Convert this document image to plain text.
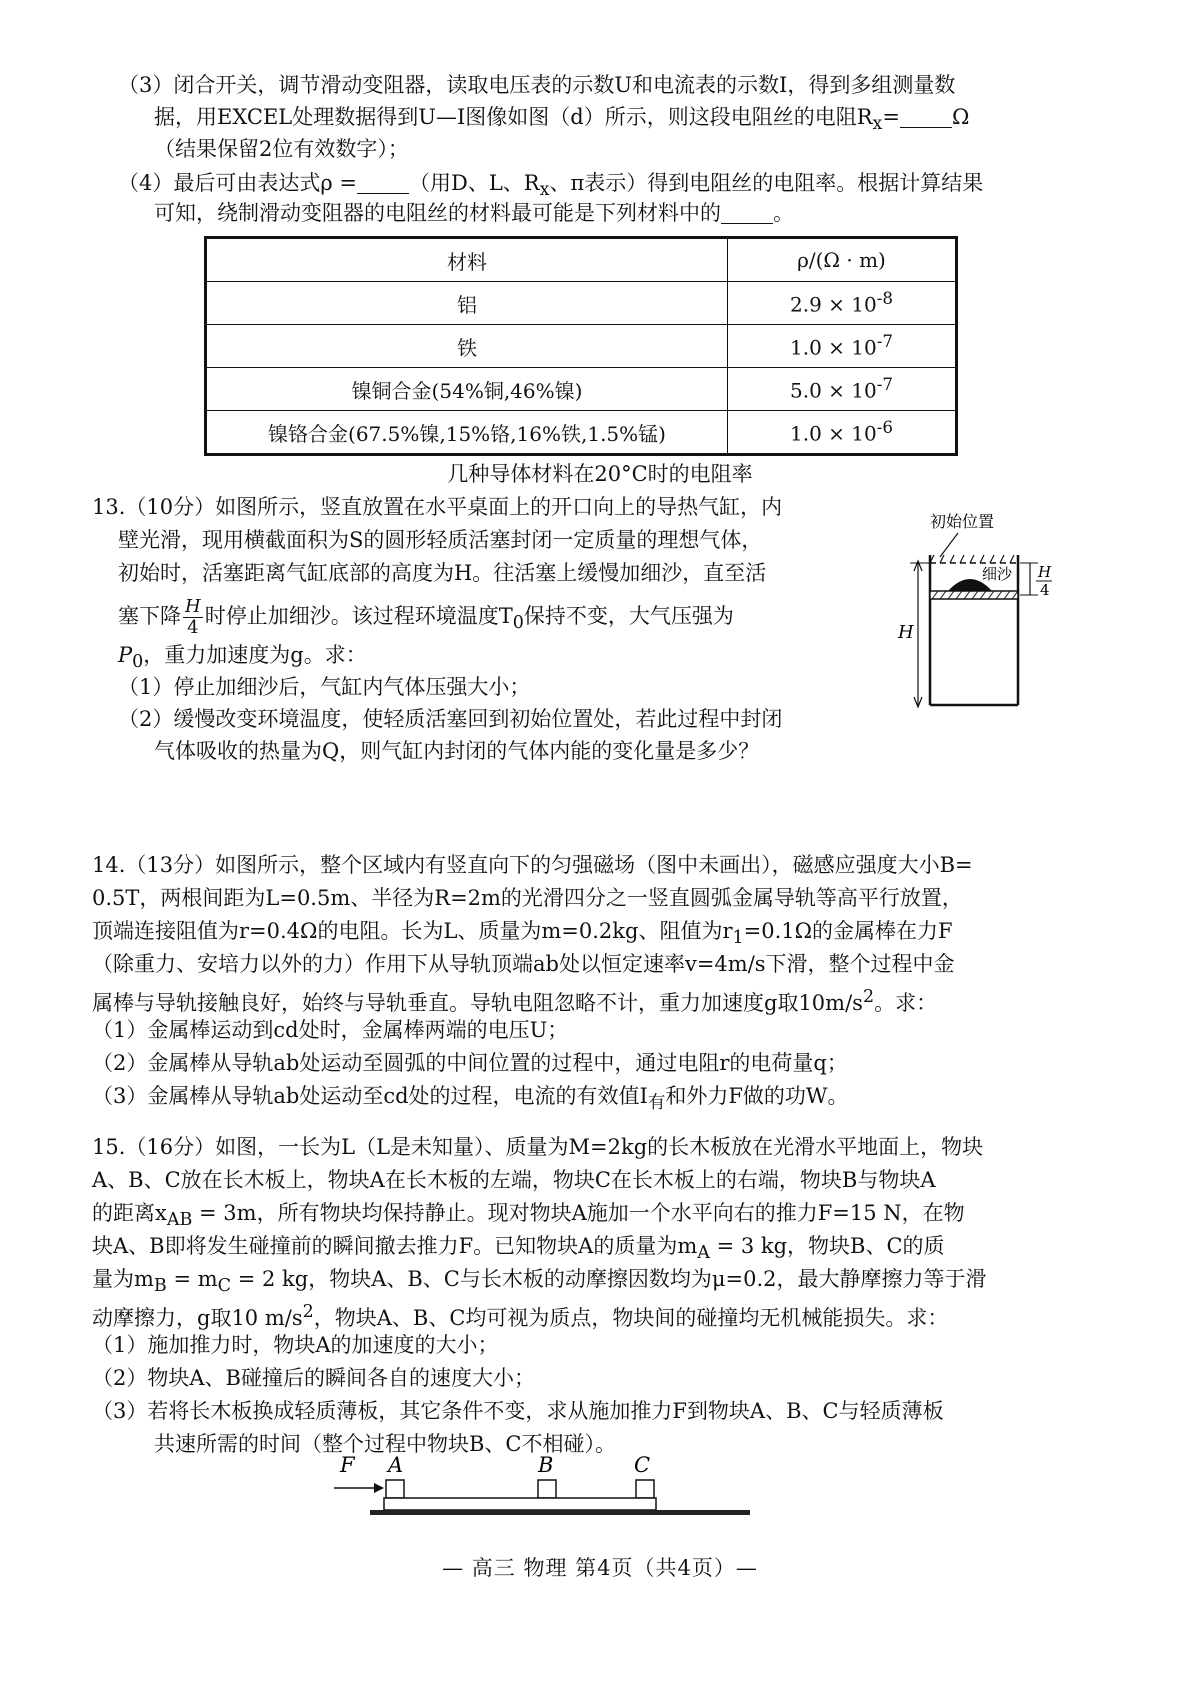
（3）闭合开关，调节滑动变阻器，读取电压表的示数U和电流表的示数I，得到多组测量数
据，用EXCEL处理数据得到U—I图像如图（d）所示，则这段电阻丝的电阻$R_x= \Omega$
（结果保留2位有效数字）；
（4）最后可由表达式ρ = （用D、L、$R_x$、π表示）得到电阻丝的电阻率。根据计算结果
可知，绕制滑动变阻器的电阻丝的材料最可能是下列材料中的 。
材料	ρ/(Ω · m)
铝	$2.9 \times 10^{-8}$
铁	$1.0 \times 10^{-7}$
镍铜合金(54%铜,46%镍)	$5.0 \times 10^{-7}$
镍铬合金(67.5%镍,15%铬,16%铁,1.5%锰)	$1.0 \times 10^{-6}$
几种导体材料在20°C时的电阻率
13.（10分）如图所示，竖直放置在水平桌面上的开口向上的导热气缸，内
壁光滑，现用横截面积为S的圆形轻质活塞封闭一定质量的理想气体，
初始时，活塞距离气缸底部的高度为H。往活塞上缓慢加细沙，直至活
塞下降 $\frac{H}{4}$ 时停止加细沙。该过程环境温度$T_0$保持不变，大气压强为
$P_0$，重力加速度为g。求：
（1）停止加细沙后，气缸内气体压强大小；
（2）缓慢改变环境温度，使轻质活塞回到初始位置处，若此过程中封闭
气体吸收的热量为Q，则气缸内封闭的气体内能的变化量是多少？
初始位置
细沙
H
H
4
14.（13分）如图所示，整个区域内有竖直向下的匀强磁场（图中未画出），磁感应强度大小B=
0.5T，两根间距为L=0.5m、半径为R=2m的光滑四分之一竖直圆弧金属导轨等高平行放置，
顶端连接阻值为r=0.4Ω的电阻。长为L、质量为m=0.2kg、阻值为$r_1=0.1\Omega$的金属棒在力F
（除重力、安培力以外的力）作用下从导轨顶端ab处以恒定速率v=4m/s下滑，整个过程中金
属棒与导轨接触良好，始终与导轨垂直。导轨电阻忽略不计，重力加速度g取$10m/s^2$。求：
（1）金属棒运动到cd处时，金属棒两端的电压U；
（2）金属棒从导轨ab处运动至圆弧的中间位置的过程中，通过电阻r的电荷量q；
（3）金属棒从导轨ab处运动至cd处的过程，电流的有效值$I_有$和外力F做的功W。
15.（16分）如图，一长为L（L是未知量）、质量为M=2kg的长木板放在光滑水平地面上，物块
A、B、C放在长木板上，物块A在长木板的左端，物块C在长木板上的右端，物块B与物块A
的距离$x_{AB} = 3m$，所有物块均保持静止。现对物块A施加一个水平向右的推力F=15 N，在物
块A、B即将发生碰撞前的瞬间撤去推力F。已知物块A的质量为$m_A = 3$ kg，物块B、C的质
量为$m_B = m_C = 2$ kg，物块A、B、C与长木板的动摩擦因数均为μ=0.2，最大静摩擦力等于滑
动摩擦力，g取10 $m/s^2$，物块A、B、C均可视为质点，物块间的碰撞均无机械能损失。求：
（1）施加推力时，物块A的加速度的大小；
（2）物块A、B碰撞后的瞬间各自的速度大小；
（3）若将长木板换成轻质薄板，其它条件不变，求从施加推力F到物块A、B、C与轻质薄板
共速所需的时间（整个过程中物块B、C不相碰）。
F A	B	C
— 高三 物理 第4页（共4页）—
